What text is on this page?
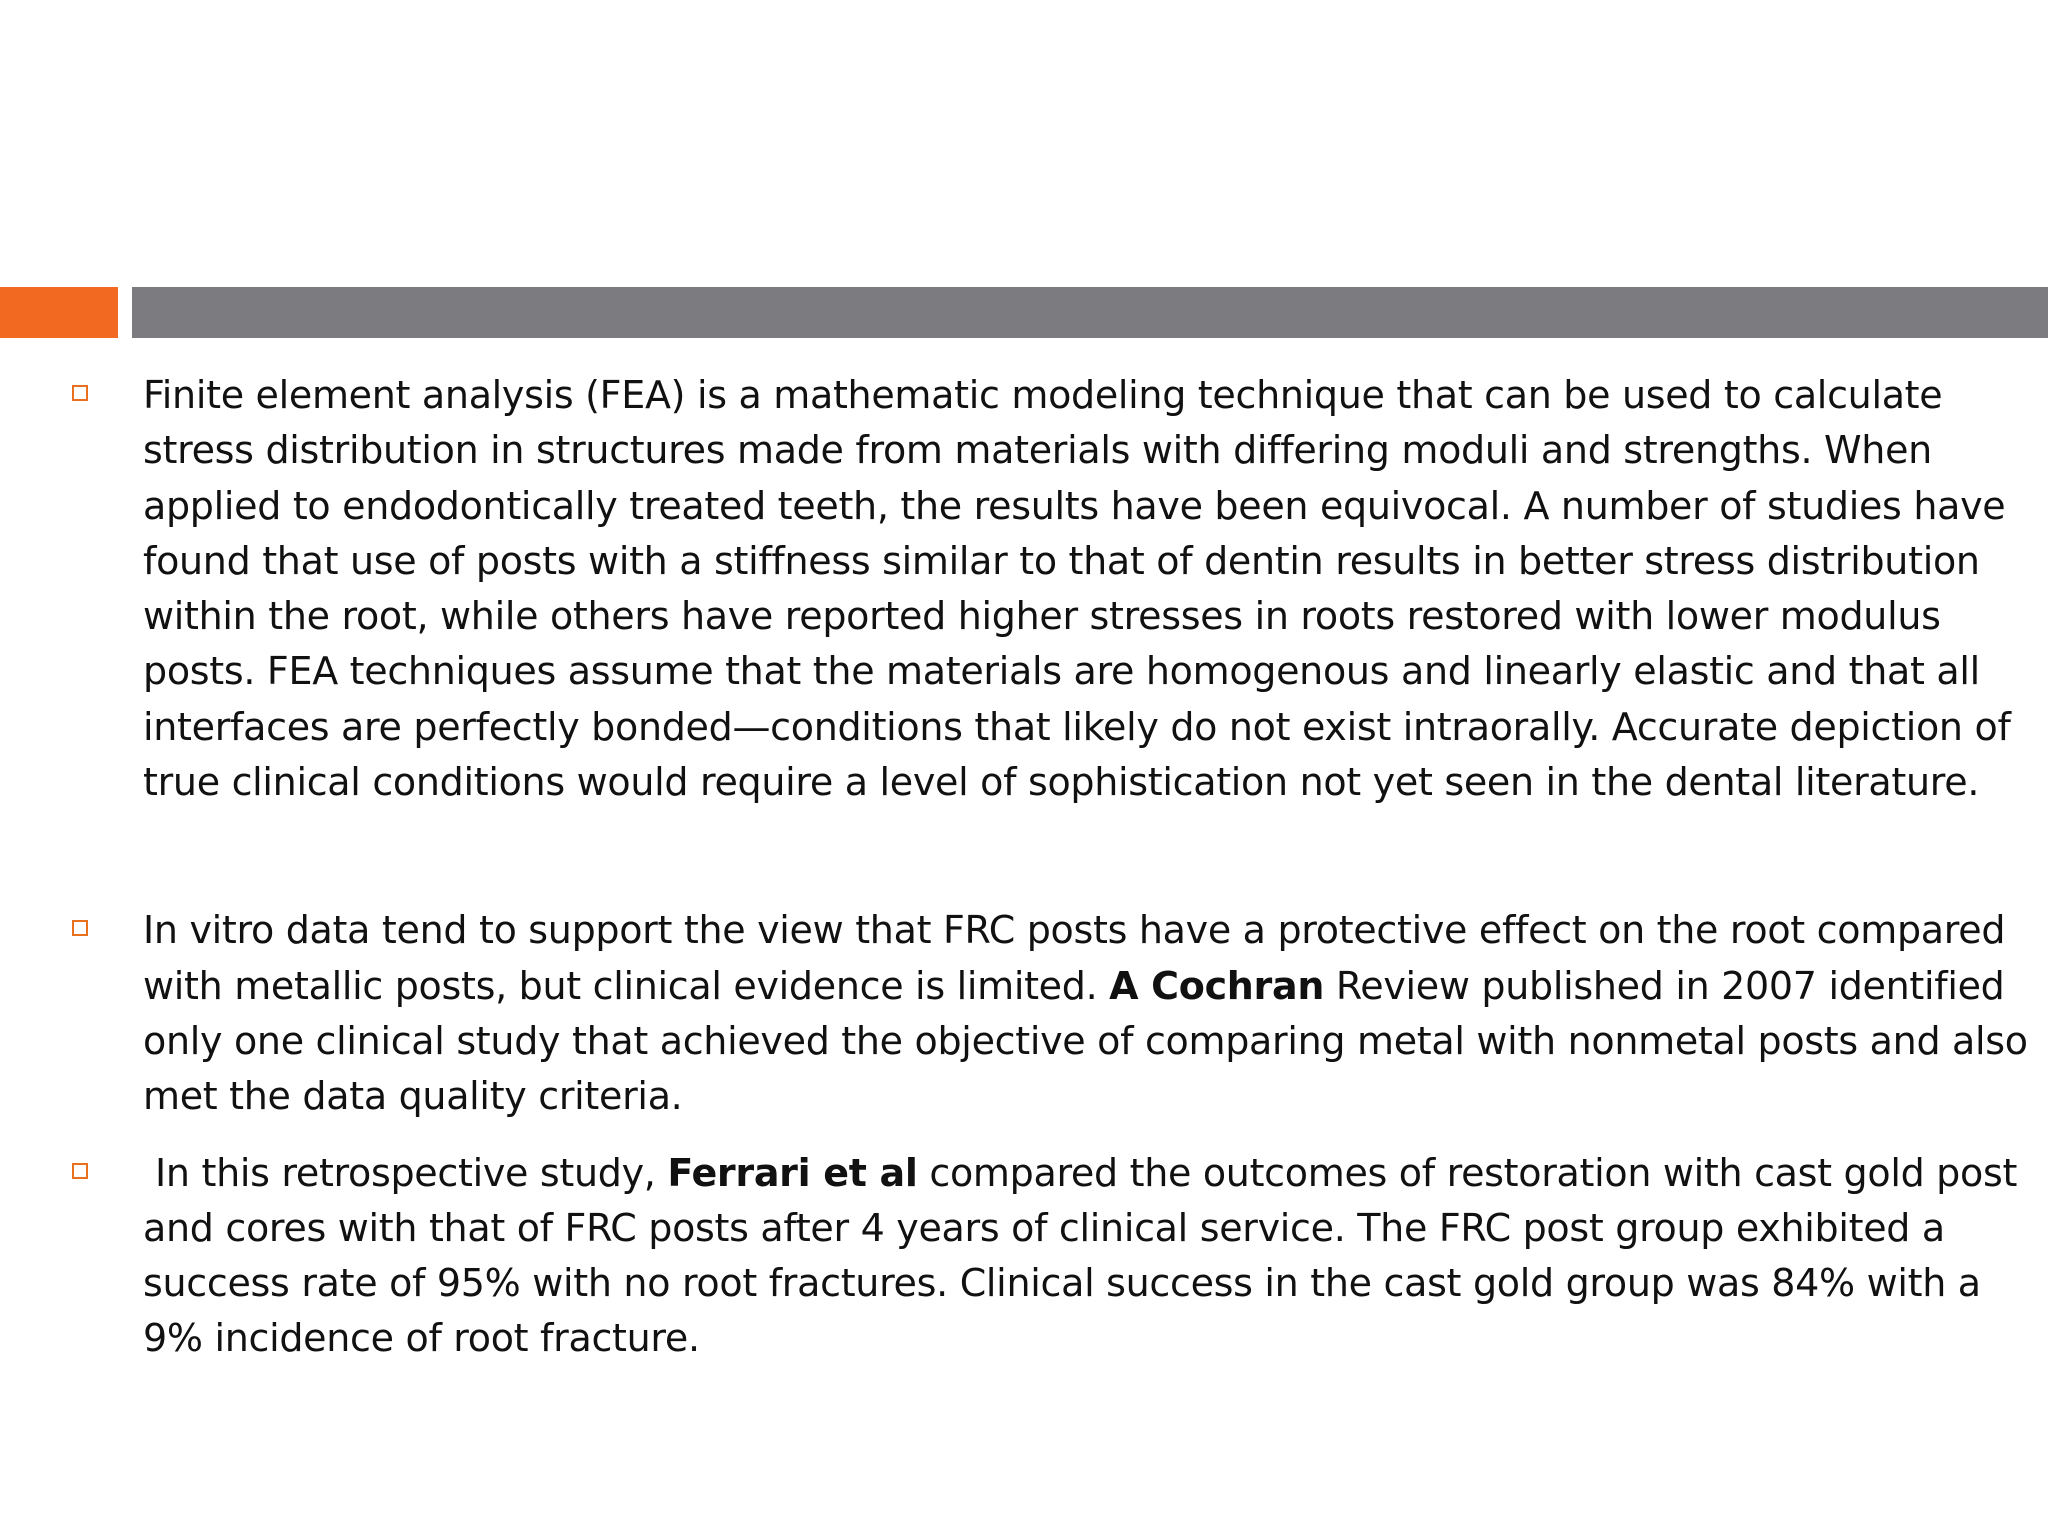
Finite element analysis (FEA) is a mathematic modeling technique that can be used to calculate stress distribution in structures made from materials with differing moduli and strengths. When applied to endodontically treated teeth, the results have been equivocal. A number of studies have found that use of posts with a stiffness similar to that of dentin results in better stress distribution within the root, while others have reported higher stresses in roots restored with lower modulus posts. FEA techniques assume that the materials are homogenous and linearly elastic and that all interfaces are perfectly bonded—conditions that likely do not exist intraorally. Accurate depiction of true clinical conditions would require a level of sophistication not yet seen in the dental literature.
In vitro data tend to support the view that FRC posts have a protective effect on the root compared with metallic posts, but clinical evidence is limited. A Cochran Review published in 2007 identified only one clinical study that achieved the objective of comparing metal with nonmetal posts and also met the data quality criteria.
In this retrospective study, Ferrari et al compared the outcomes of restoration with cast gold post and cores with that of FRC posts after 4 years of clinical service. The FRC post group exhibited a success rate of 95% with no root fractures. Clinical success in the cast gold group was 84% with a 9% incidence of root fracture.
